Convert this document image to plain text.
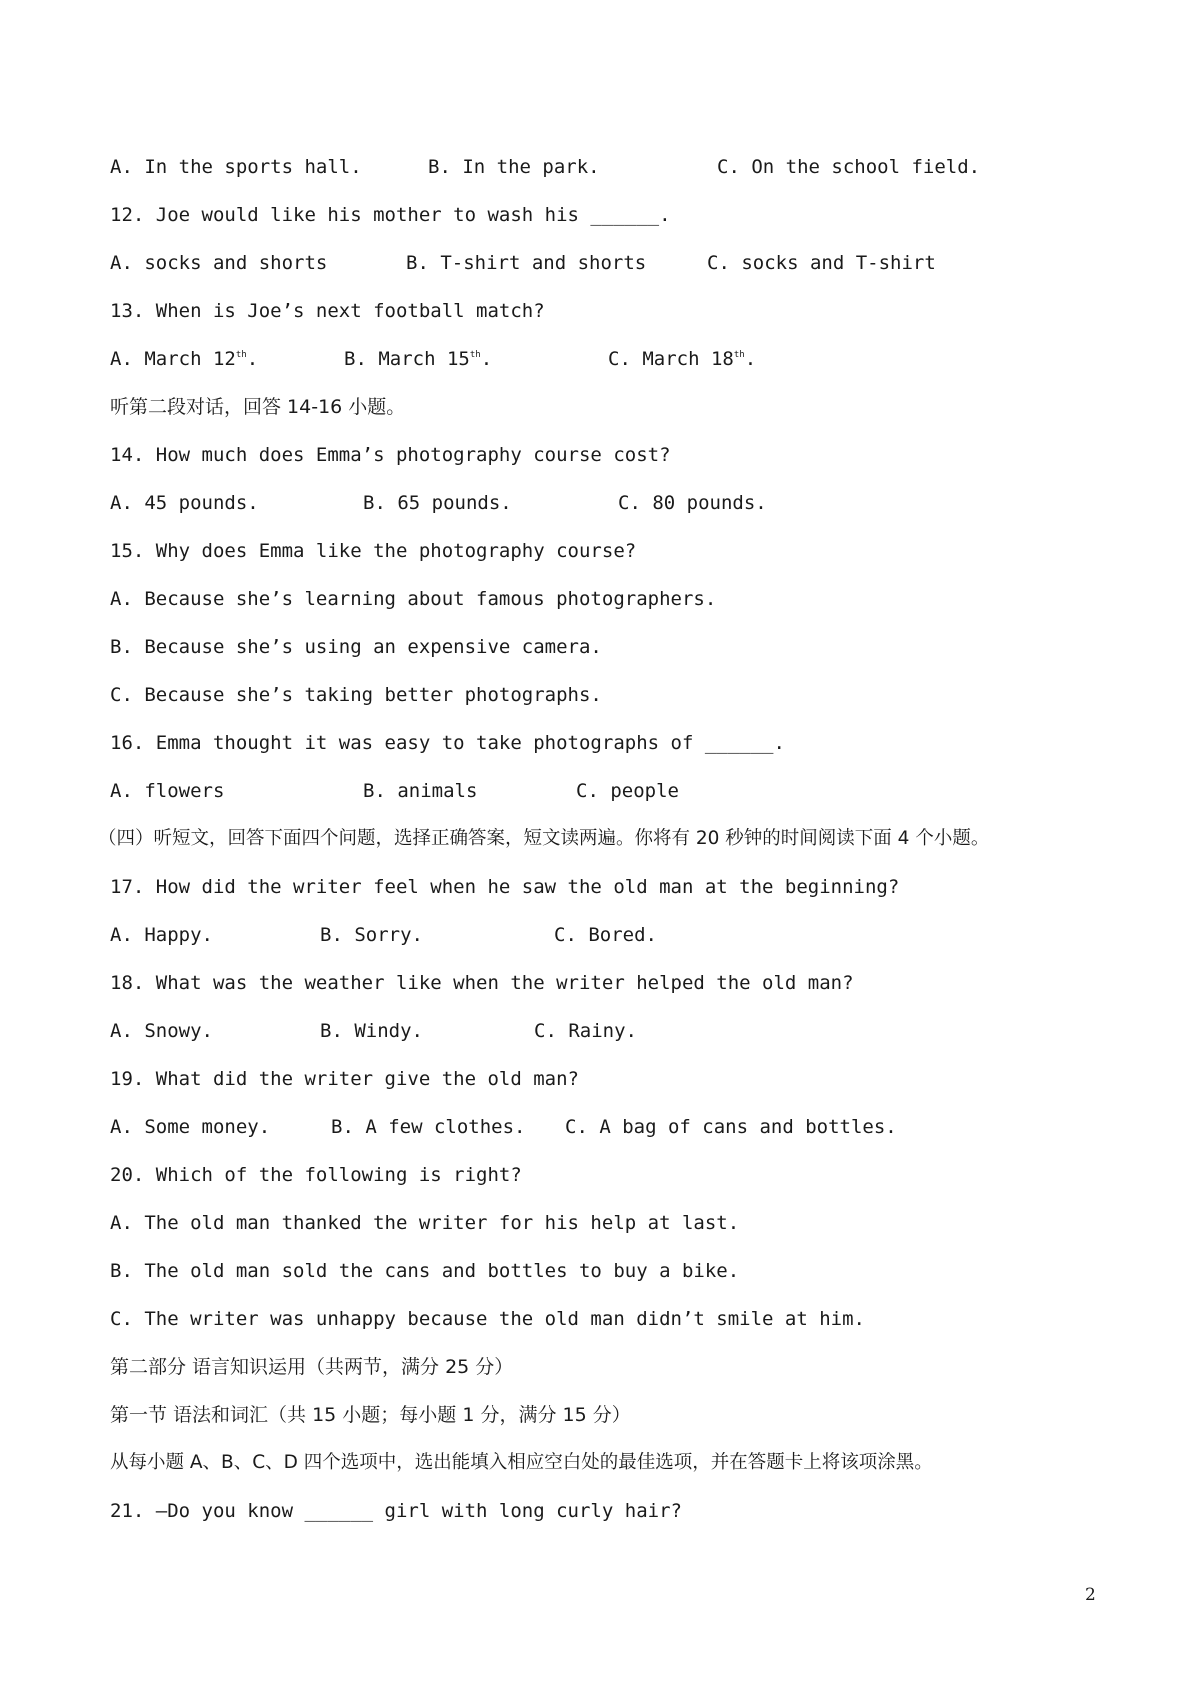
A. In the sports hall.

	B. In the park.

	C. On the school field.

12. Joe would like his mother to wash his ______.

A. socks and shorts

	B. T-shirt and shorts

	C. socks and T-shirt

13. When is Joe’s next football match?

A. March 12th.

	B. March 15th.

	C. March 18th.

听第二段对话，回答 14-16 小题。
14. How much does Emma’s photography course cost?

A. 45 pounds.

	B. 65 pounds.

	C. 80 pounds.

15. Why does Emma like the photography course?
A. Because she’s learning about famous photographers.
B. Because she’s using an expensive camera.
C. Because she’s taking better photographs.
16. Emma thought it was easy to take photographs of ______.

A. flowers

	B. animals

	C. people

（四）听短文，回答下面四个问题，选择正确答案，短文读两遍。你将有 20 秒钟的时间阅读下面 4 个小题。
17. How did the writer feel when he saw the old man at the beginning?

A. Happy.

	B. Sorry.

	C. Bored.

18. What was the weather like when the writer helped the old man?

A. Snowy.

	B. Windy.

	C. Rainy.

19. What did the writer give the old man?

A. Some money.

	B. A few clothes.

C. A bag of cans and bottles.

20. Which of the following is right?
A. The old man thanked the writer for his help at last.
B. The old man sold the cans and bottles to buy a bike.
C. The writer was unhappy because the old man didn’t smile at him.
第二部分 语言知识运用（共两节，满分 25 分）
第一节 语法和词汇（共 15 小题；每小题 1 分，满分 15 分）
从每小题 A、B、C、D 四个选项中，选出能填入相应空白处的最佳选项，并在答题卡上将该项涂黑。
21. –Do you know ______ girl with long curly hair?
2
